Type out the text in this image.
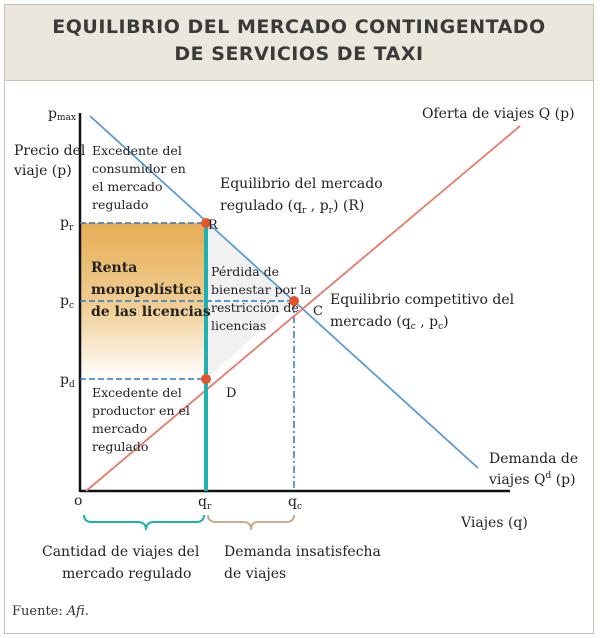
EQUILIBRIO DEL MERCADO CONTINGENTADO
DE SERVICIOS DE TAXI
pmax
Precio del
viaje (p)
$p_r$
$p_c$
$p_d$
o	$q_r$	$q_c$
Viajes (q)
Oferta de viajes Q (p)
Demanda de
viajes $Q^d$ (p)
R
C
D
Equilibrio del mercado
regulado ($q_r$ , $p_r$) (R)
Equilibrio competitivo del
mercado ($q_c$ , $p_c$)
Excedente del
consumidor en
el mercado
regulado
Excedente del
productor en el
mercado
regulado
Renta
monopolística
de las licencias
Pérdida de
bienestar por la
restricción de
licencias
Cantidad de viajes del
mercado regulado
Demanda insatisfecha
de viajes
Fuente: Afi.
